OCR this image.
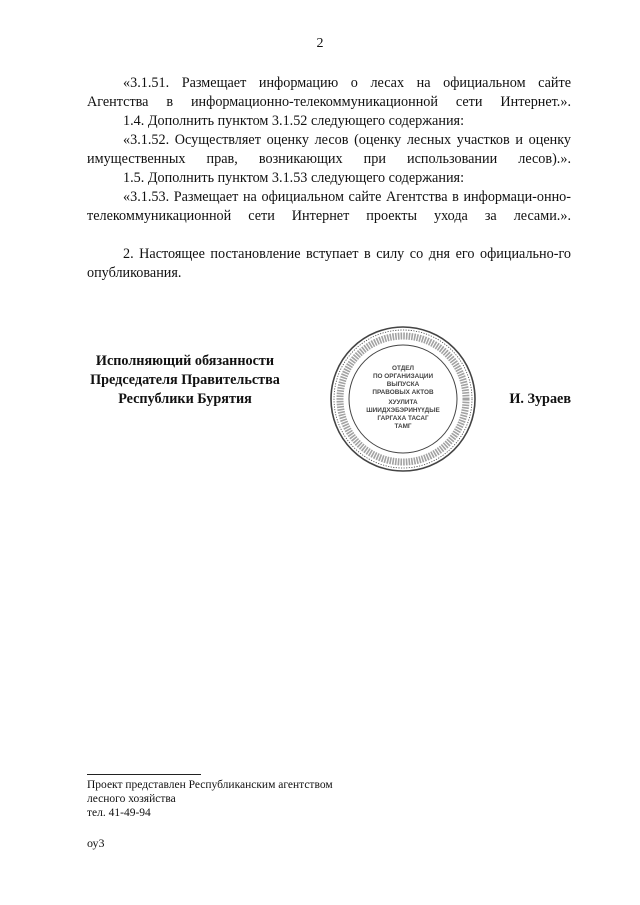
2

«3.1.51. Размещает информацию о лесах на официальном сайте Агентства в информационно-телекоммуникационной сети Интернет.».

1.4. Дополнить пунктом 3.1.52 следующего содержания:

«3.1.52. Осуществляет оценку лесов (оценку лесных участков и оценку имущественных прав, возникающих при использовании лесов).».

1.5. Дополнить пунктом 3.1.53 следующего содержания:

«3.1.53. Размещает на официальном сайте Агентства в информаци-онно-телекоммуникационной сети Интернет проекты ухода за лесами.».

2. Настоящее постановление вступает в силу со дня его официально-го опубликования.

Исполняющий обязанности
Председателя Правительства
Республики Бурятия
ОТДЕЛ
ПО ОРГАНИЗАЦИИ
ВЫПУСКА
ПРАВОВЫХ АКТОВ
ХУУЛИТА
ШИИДХЭБЭРИНҮҮДЫЕ
ГАРГАХА ТАСАГ
ТАМГ
И. Зураев
Проект представлен Республиканским агентством
лесного хозяйства
тел. 41-49-94
оу3
